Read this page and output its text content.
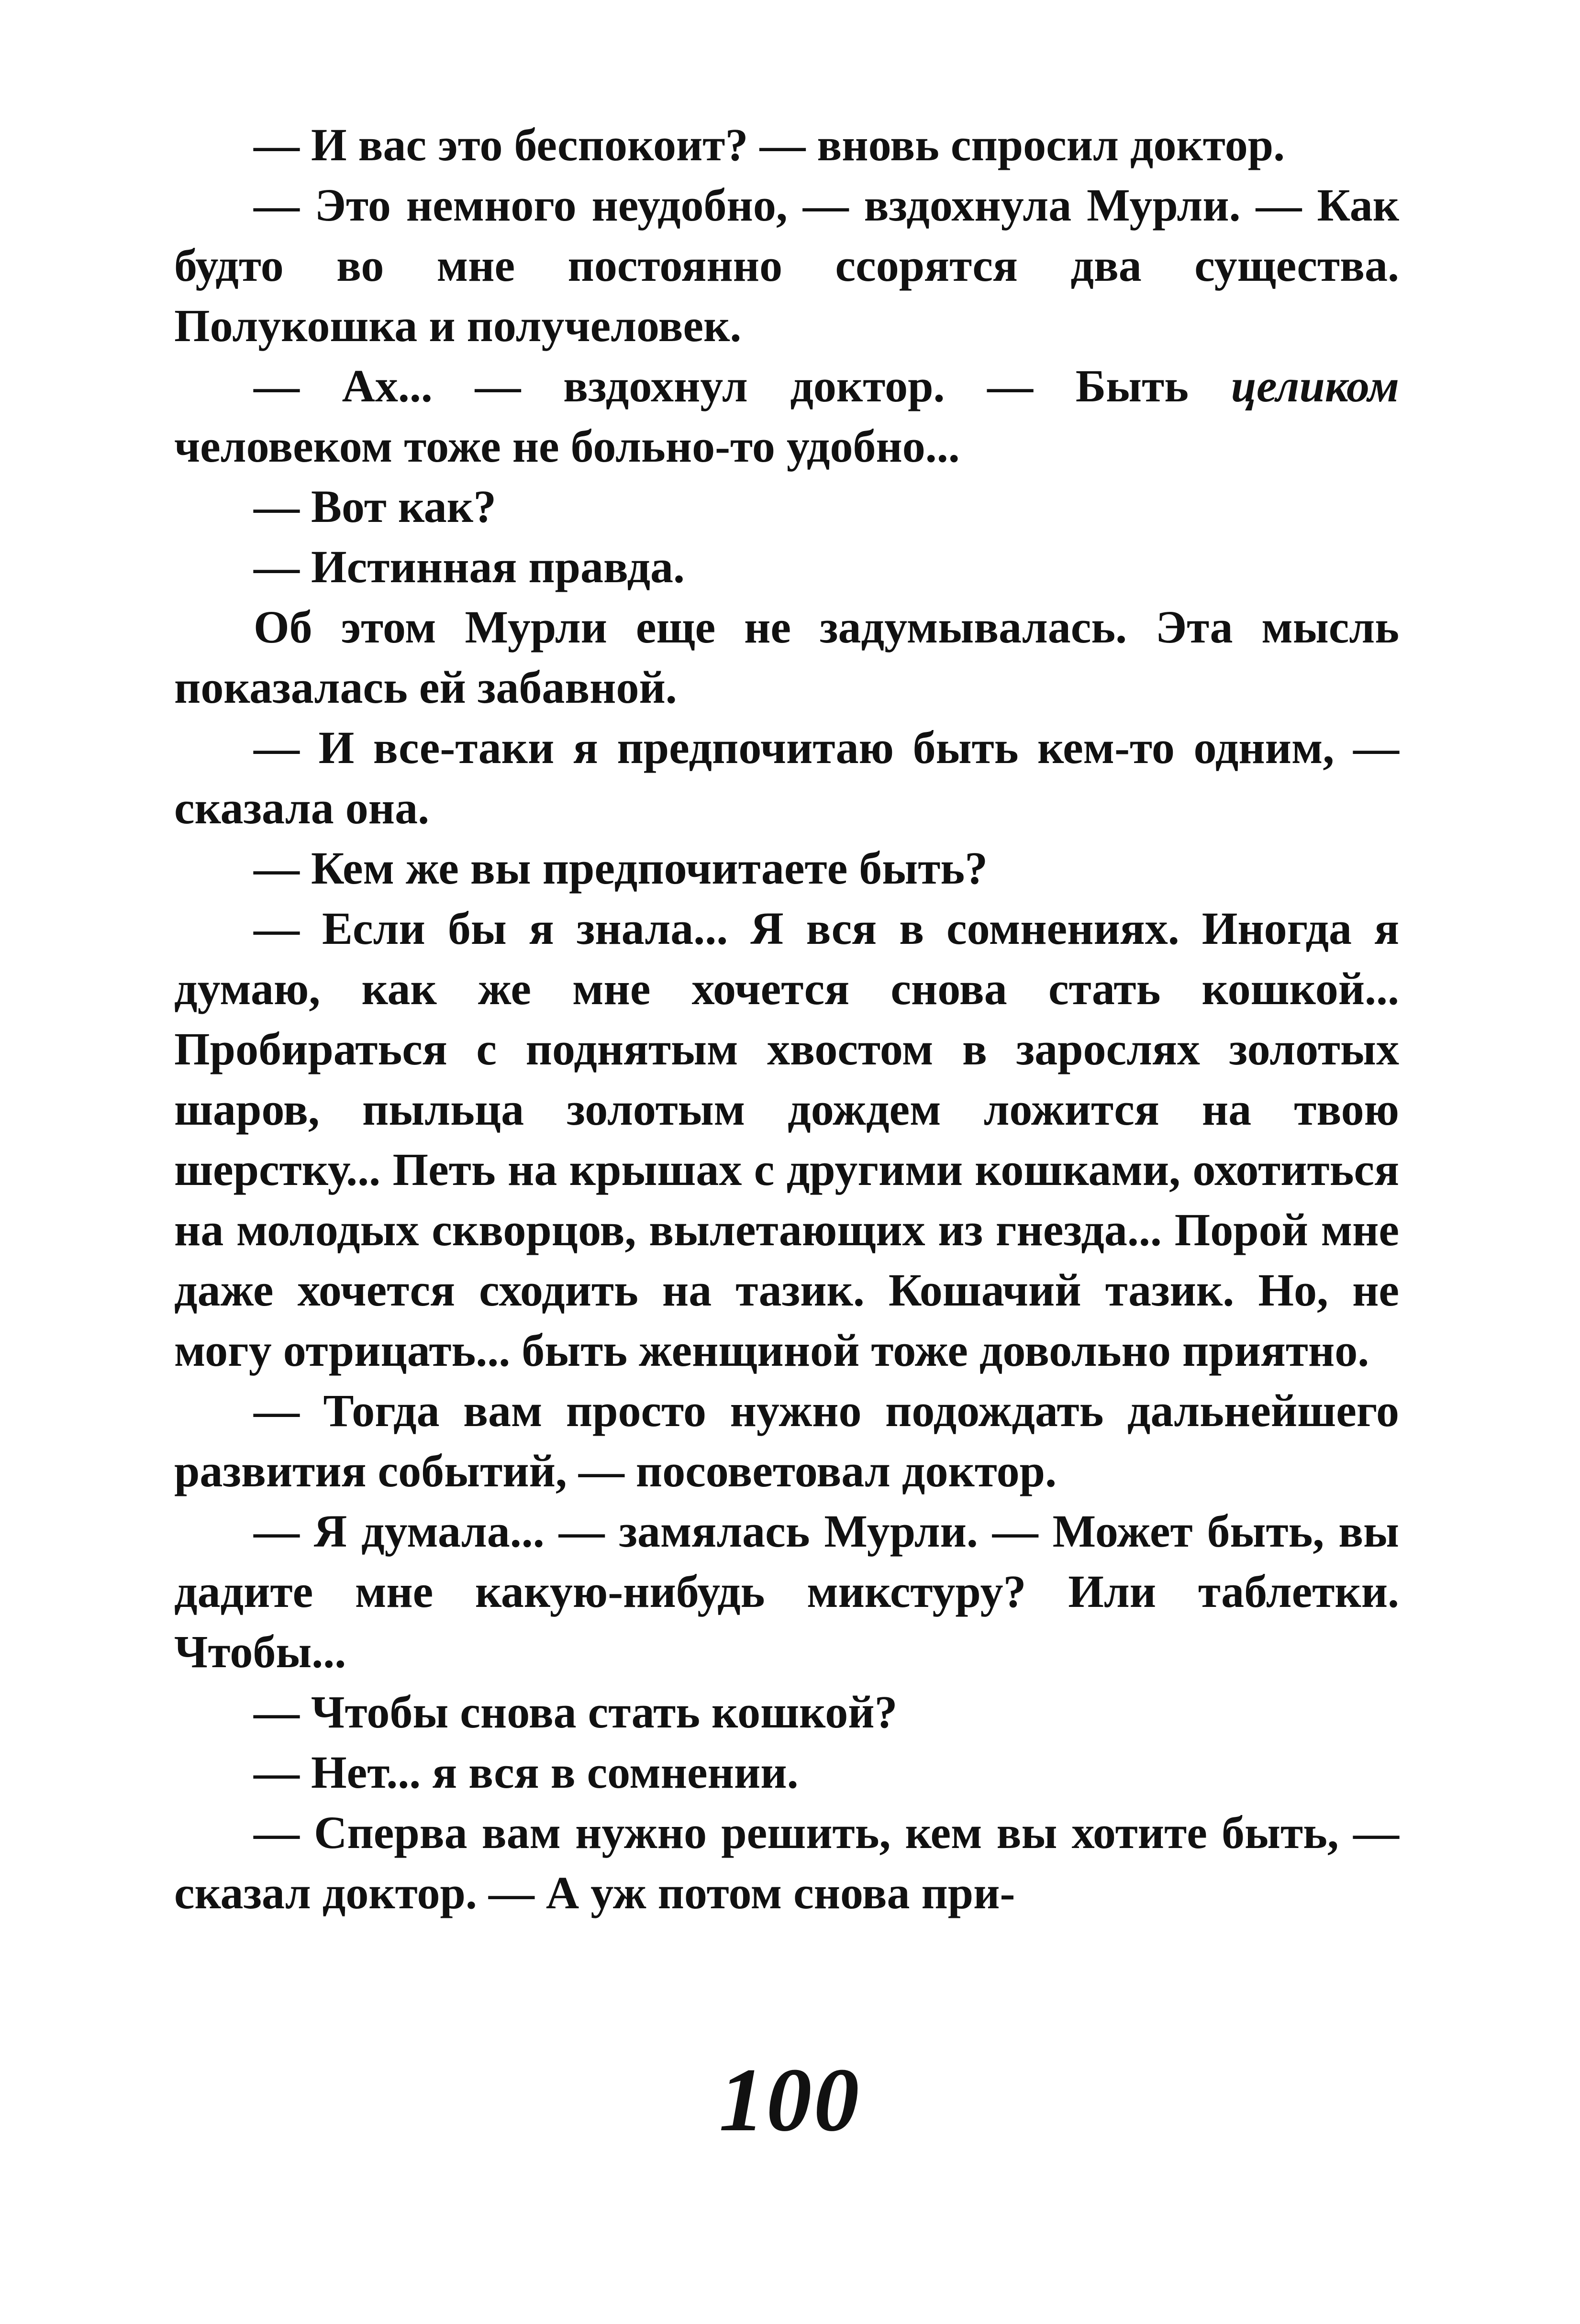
— И вас это беспокоит? — вновь спросил доктор.

— Это немного неудобно, — вздохнула Мурли. — Как будто во мне постоянно ссорятся два существа. Полукошка и получеловек.

— Ах... — вздохнул доктор. — Быть целиком человеком тоже не больно-то удобно...

— Вот как?

— Истинная правда.

Об этом Мурли еще не задумывалась. Эта мысль показалась ей забавной.

— И все-таки я предпочитаю быть кем-то одним, — сказала она.

— Кем же вы предпочитаете быть?

— Если бы я знала... Я вся в сомнениях. Иногда я думаю, как же мне хочется снова стать кошкой... Пробираться с поднятым хвостом в зарослях золотых шаров, пыльца золотым дождем ложится на твою шерстку... Петь на крышах с другими кошками, охотиться на молодых скворцов, вылетающих из гнезда... Порой мне даже хочется сходить на тазик. Кошачий тазик. Но, не могу отрицать... быть женщиной тоже довольно приятно.

— Тогда вам просто нужно подождать дальнейшего развития событий, — посоветовал доктор.

— Я думала... — замялась Мурли. — Может быть, вы дадите мне какую-нибудь микстуру? Или таблетки. Чтобы...

— Чтобы снова стать кошкой?

— Нет... я вся в сомнении.

— Сперва вам нужно решить, кем вы хотите быть, — сказал доктор. — А уж потом снова при-

100
